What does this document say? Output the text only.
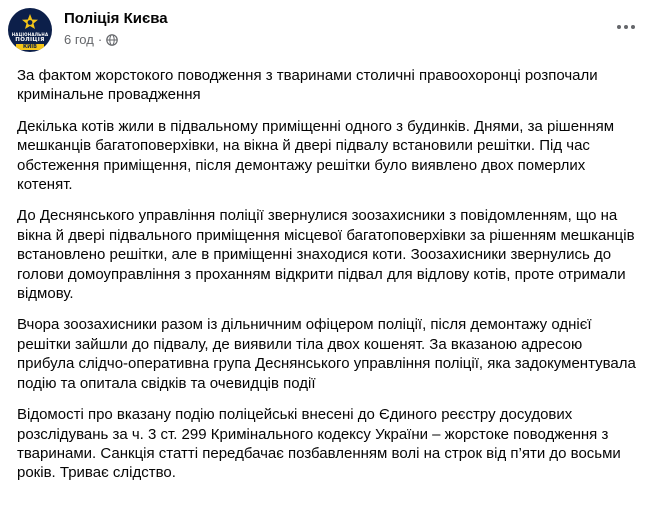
НАЦІОНАЛЬНА
ПОЛІЦІЯ
КИЇВ
Поліція Києва
6 год ·

За фактом жорстокого поводження з тваринами столичні правоохоронці розпочали кримінальне провадження

Декілька котів жили в підвальному приміщенні одного з будинків. Днями, за рішенням мешканців багатоповерхівки, на вікна й двері підвалу встановили решітки. Під час обстеження приміщення, після демонтажу решітки було виявлено двох померлих котенят.

До Деснянського управління поліції звернулися зоозахисники з повідомленням, що на вікна й двері підвального приміщення місцевої багатоповерхівки за рішенням мешканців встановлено решітки, але в приміщенні знаходися коти. Зоозахисники звернулись до голови домоуправління з проханням відкрити підвал для відлову котів, проте отримали відмову.

Вчора зоозахисники разом із дільничним офіцером поліції, після демонтажу однієї решітки зайшли до підвалу, де виявили тіла двох кошенят. За вказаною адресою прибула слідчо-оперативна група Деснянського управління поліції, яка задокументувала подію та опитала свідків та очевидців події

Відомості про вказану подію поліцейські внесені до Єдиного реєстру досудових розслідувань за ч. 3 ст. 299 Кримінального кодексу України – жорстоке поводження з тваринами. Санкція статті передбачає позбавленням волі на строк від п’яти до восьми років. Триває слідство.
